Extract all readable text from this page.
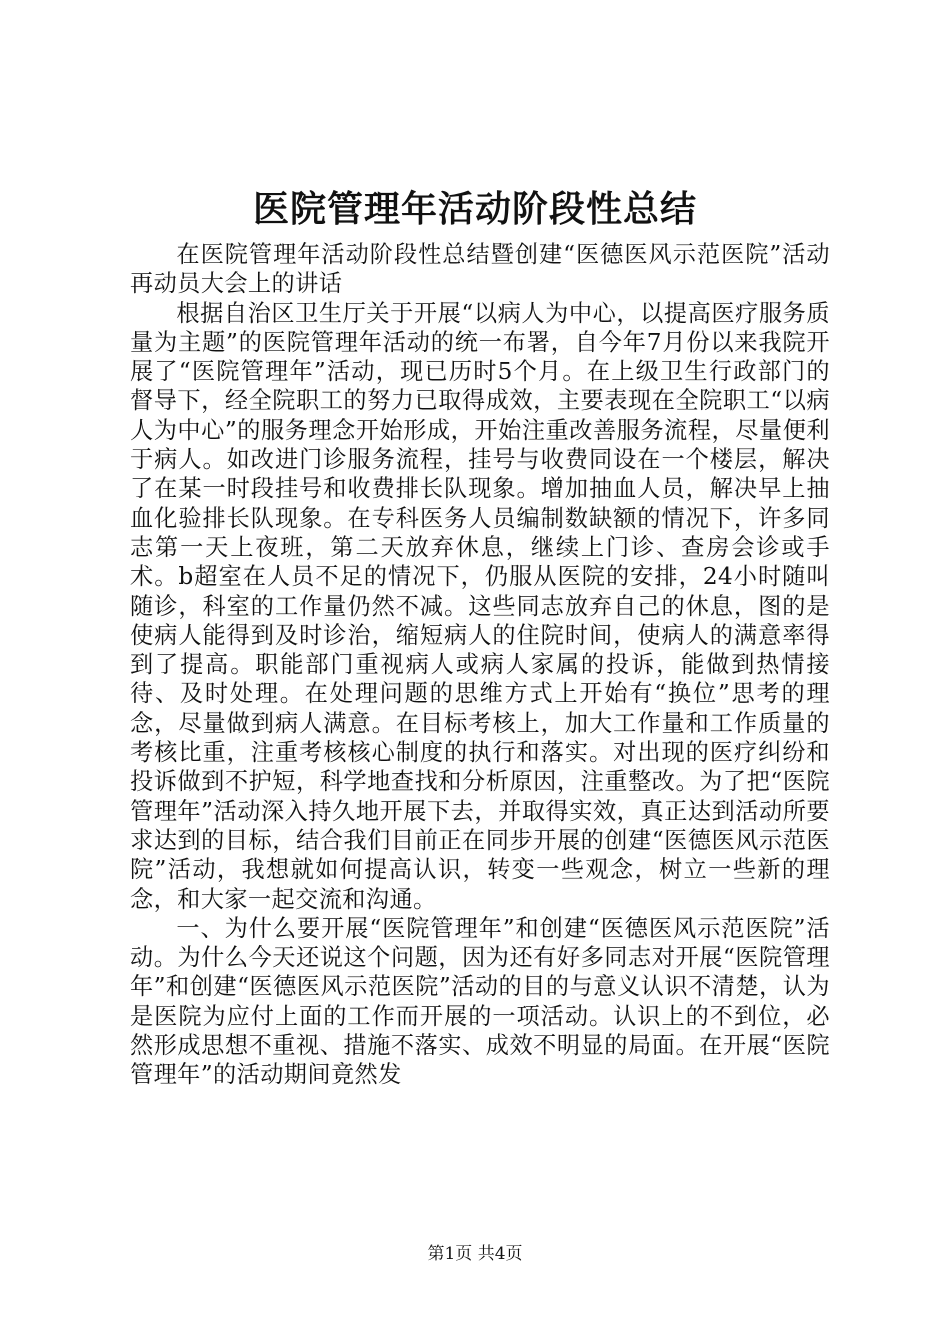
医院管理年活动阶段性总结

在医院管理年活动阶段性总结暨创建“医德医风示范医院”活动再动员大会上的讲话

根据自治区卫生厅关于开展“以病人为中心，以提高医疗服务质量为主题”的医院管理年活动的统一布署，自今年7月份以来我院开展了“医院管理年”活动，现已历时5个月。在上级卫生行政部门的督导下，经全院职工的努力已取得成效，主要表现在全院职工“以病人为中心”的服务理念开始形成，开始注重改善服务流程，尽量便利于病人。如改进门诊服务流程，挂号与收费同设在一个楼层，解决了在某一时段挂号和收费排长队现象。增加抽血人员，解决早上抽血化验排长队现象。在专科医务人员编制数缺额的情况下，许多同志第一天上夜班，第二天放弃休息，继续上门诊、查房会诊或手术。b超室在人员不足的情况下，仍服从医院的安排，24小时随叫随诊，科室的工作量仍然不减。这些同志放弃自己的休息，图的是使病人能得到及时诊治，缩短病人的住院时间，使病人的满意率得到了提高。职能部门重视病人或病人家属的投诉，能做到热情接待、及时处理。在处理问题的思维方式上开始有“换位”思考的理念，尽量做到病人满意。在目标考核上，加大工作量和工作质量的考核比重，注重考核核心制度的执行和落实。对出现的医疗纠纷和投诉做到不护短，科学地查找和分析原因，注重整改。为了把“医院管理年”活动深入持久地开展下去，并取得实效，真正达到活动所要求达到的目标，结合我们目前正在同步开展的创建“医德医风示范医院”活动，我想就如何提高认识，转变一些观念，树立一些新的理念，和大家一起交流和沟通。

一、为什么要开展“医院管理年”和创建“医德医风示范医院”活动。为什么今天还说这个问题，因为还有好多同志对开展“医院管理年”和创建“医德医风示范医院”活动的目的与意义认识不清楚，认为是医院为应付上面的工作而开展的一项活动。认识上的不到位，必然形成思想不重视、措施不落实、成效不明显的局面。在开展“医院管理年”的活动期间竟然发

第1页 共4页
